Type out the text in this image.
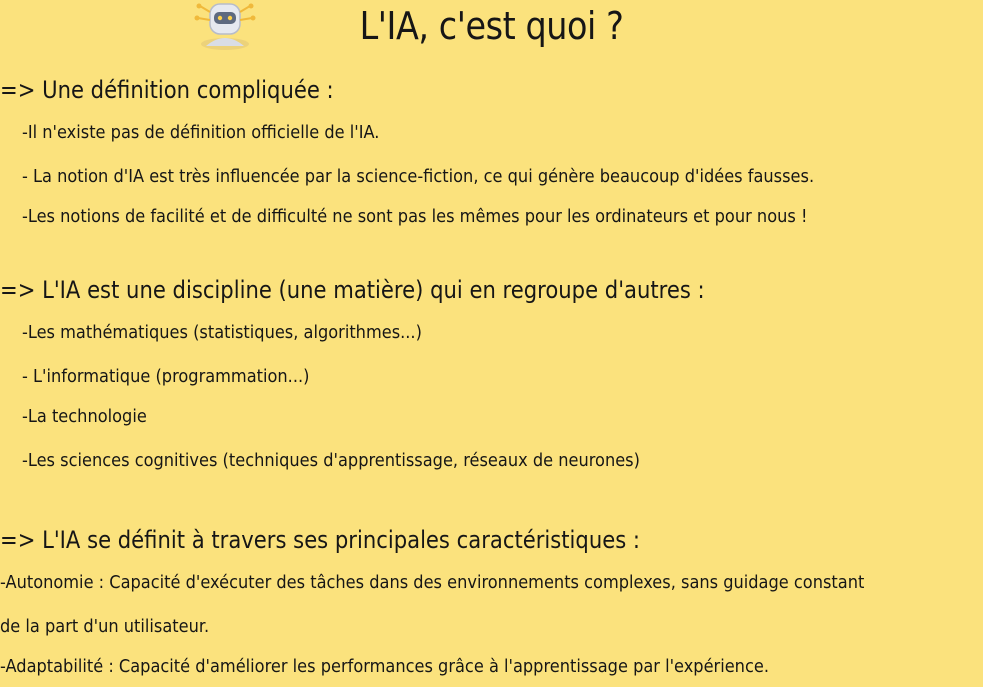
L'IA, c'est quoi ?
=> Une définition compliquée :
-Il n'existe pas de définition officielle de l'IA.
- La notion d'IA est très influencée par la science-fiction, ce qui génère beaucoup d'idées fausses.
-Les notions de facilité et de difficulté ne sont pas les mêmes pour les ordinateurs et pour nous !
=> L'IA est une discipline (une matière) qui en regroupe d'autres :
-Les mathématiques (statistiques, algorithmes...)
- L'informatique (programmation...)
-La technologie
-Les sciences cognitives (techniques d'apprentissage, réseaux de neurones)
=> L'IA se définit à travers ses principales caractéristiques :
-Autonomie : Capacité d'exécuter des tâches dans des environnements complexes, sans guidage constant
de la part d'un utilisateur.
-Adaptabilité : Capacité d'améliorer les performances grâce à l'apprentissage par l'expérience.
